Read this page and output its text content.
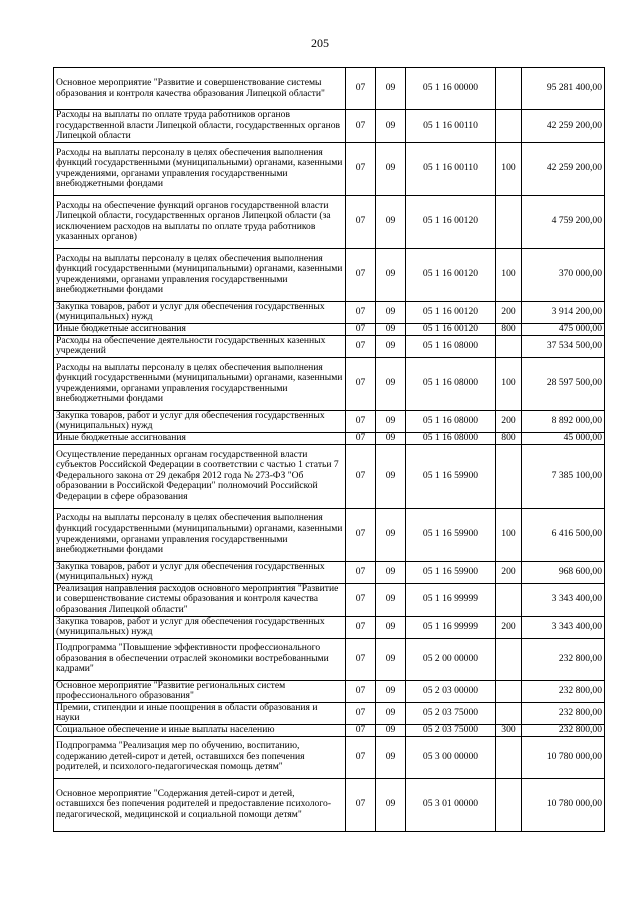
205
Основное мероприятие "Развитие и совершенствование системы образования и контроля качества образования Липецкой области"	07	09	05 1 16 00000		95 281 400,00
Расходы на выплаты по оплате труда работников органов государственной власти Липецкой области, государственных органов Липецкой области	07	09	05 1 16 00110		42 259 200,00
Расходы на выплаты персоналу в целях обеспечения выполнения функций государственными (муниципальными) органами, казенными учреждениями, органами управления государственными внебюджетными фондами	07	09	05 1 16 00110	100	42 259 200,00
Расходы на обеспечение функций органов государственной власти Липецкой области, государственных органов Липецкой области (за исключением расходов на выплаты по оплате труда работников указанных органов)	07	09	05 1 16 00120		4 759 200,00
Расходы на выплаты персоналу в целях обеспечения выполнения функций государственными (муниципальными) органами, казенными учреждениями, органами управления государственными внебюджетными фондами	07	09	05 1 16 00120	100	370 000,00
Закупка товаров, работ и услуг для обеспечения государственных (муниципальных) нужд	07	09	05 1 16 00120	200	3 914 200,00
Иные бюджетные ассигнования	07	09	05 1 16 00120	800	475 000,00
Расходы на обеспечение деятельности государственных казенных учреждений	07	09	05 1 16 08000		37 534 500,00
Расходы на выплаты персоналу в целях обеспечения выполнения функций государственными (муниципальными) органами, казенными учреждениями, органами управления государственными внебюджетными фондами	07	09	05 1 16 08000	100	28 597 500,00
Закупка товаров, работ и услуг для обеспечения государственных (муниципальных) нужд	07	09	05 1 16 08000	200	8 892 000,00
Иные бюджетные ассигнования	07	09	05 1 16 08000	800	45 000,00
Осуществление переданных органам государственной власти субъектов Российской Федерации в соответствии с частью 1 статьи 7 Федерального закона от 29 декабря 2012 года № 273-ФЗ "Об образовании в Российской Федерации" полномочий Российской Федерации в сфере образования	07	09	05 1 16 59900		7 385 100,00
Расходы на выплаты персоналу в целях обеспечения выполнения функций государственными (муниципальными) органами, казенными учреждениями, органами управления государственными внебюджетными фондами	07	09	05 1 16 59900	100	6 416 500,00
Закупка товаров, работ и услуг для обеспечения государственных (муниципальных) нужд	07	09	05 1 16 59900	200	968 600,00
Реализация направления расходов основного мероприятия "Развитие и совершенствование системы образования и контроля качества образования Липецкой области"	07	09	05 1 16 99999		3 343 400,00
Закупка товаров, работ и услуг для обеспечения государственных (муниципальных) нужд	07	09	05 1 16 99999	200	3 343 400,00
Подпрограмма "Повышение эффективности профессионального образования в обеспечении отраслей экономики востребованными кадрами"	07	09	05 2 00 00000		232 800,00
Основное мероприятие "Развитие региональных систем профессионального образования"	07	09	05 2 03 00000		232 800,00
Премии, стипендии и иные поощрения в области образования и науки	07	09	05 2 03 75000		232 800,00
Социальное обеспечение и иные выплаты населению	07	09	05 2 03 75000	300	232 800,00
Подпрограмма "Реализация мер по обучению, воспитанию, содержанию детей-сирот и детей, оставшихся без попечения родителей, и психолого-педагогическая помощь детям"	07	09	05 3 00 00000		10 780 000,00
Основное мероприятие "Содержания детей-сирот и детей, оставшихся без попечения родителей и предоставление психолого-педагогической, медицинской и социальной помощи детям"	07	09	05 3 01 00000		10 780 000,00
